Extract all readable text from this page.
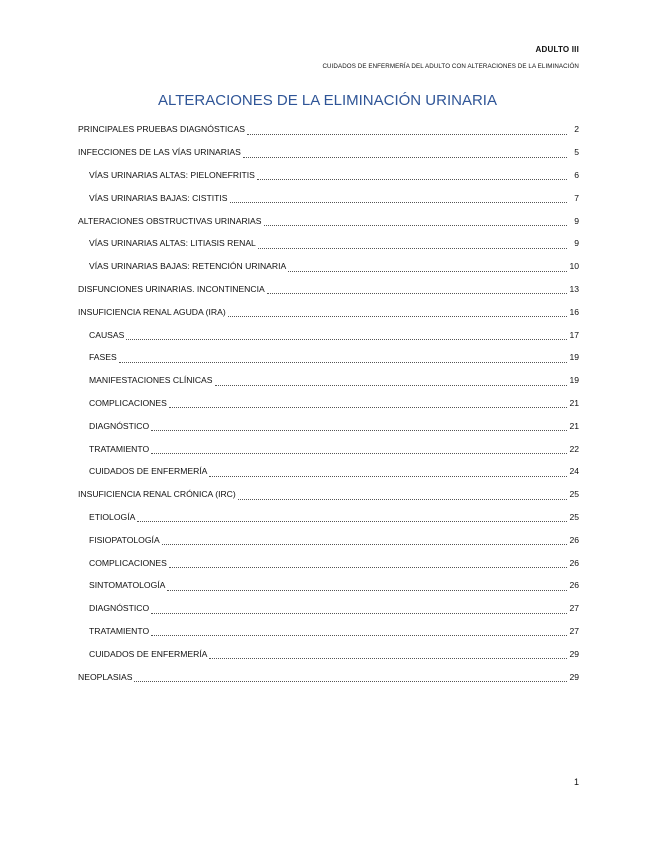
ADULTO III
CUIDADOS DE ENFERMERÍA DEL ADULTO CON ALTERACIONES DE LA ELIMINACIÓN
ALTERACIONES DE LA ELIMINACIÓN URINARIA
PRINCIPALES PRUEBAS DIAGNÓSTICAS	2
INFECCIONES DE LAS VÍAS URINARIAS	5
VÍAS URINARIAS ALTAS: PIELONEFRITIS	6
VÍAS URINARIAS BAJAS: CISTITIS	7
ALTERACIONES OBSTRUCTIVAS URINARIAS	9
VÍAS URINARIAS ALTAS: LITIASIS RENAL	9
VÍAS URINARIAS BAJAS: RETENCIÓN URINARIA	10
DISFUNCIONES URINARIAS. INCONTINENCIA	13
INSUFICIENCIA RENAL AGUDA (IRA)	16
CAUSAS	17
FASES	19
MANIFESTACIONES CLÍNICAS	19
COMPLICACIONES	21
DIAGNÓSTICO	21
TRATAMIENTO	22
CUIDADOS DE ENFERMERÍA	24
INSUFICIENCIA RENAL CRÓNICA (IRC)	25
ETIOLOGÍA	25
FISIOPATOLOGÍA	26
COMPLICACIONES	26
SINTOMATOLOGÍA	26
DIAGNÓSTICO	27
TRATAMIENTO	27
CUIDADOS DE ENFERMERÍA	29
NEOPLASIAS	29
1
